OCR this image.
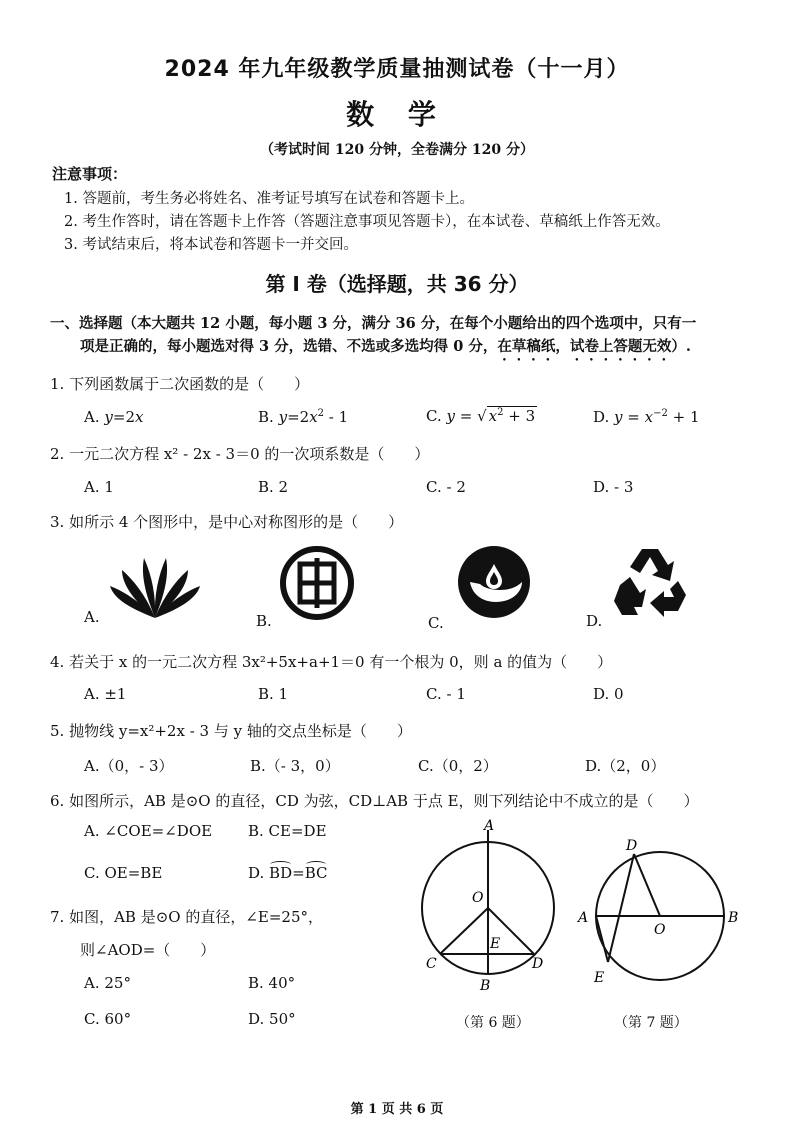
2024 年九年级教学质量抽测试卷（十一月）
数 学
（考试时间 120 分钟，全卷满分 120 分）
注意事项：
1. 答题前，考生务必将姓名、准考证号填写在试卷和答题卡上。
2. 考生作答时，请在答题卡上作答（答题注意事项见答题卡），在本试卷、草稿纸上作答无效。
3. 考试结束后，将本试卷和答题卡一并交回。
第 I 卷（选择题，共 36 分）
一、选择题（本大题共 12 小题，每小题 3 分，满分 36 分，在每个小题给出的四个选项中，只有一
项是正确的，每小题选对得 3 分，选错、不选或多选均得 0 分，在草稿纸，试卷上答题无效）.
1. 下列函数属于二次函数的是（　　）
A. y=2x	B. $y=2x^2 - 1$	C. y = √ $x^2 + 3$	D. $y = x^{-2} + 1$
2. 一元二次方程 x² - 2x - 3＝0 的一次项系数是（　　）
A. 1	B. 2	C. - 2	D. - 3
3. 如所示 4 个图形中，是中心对称图形的是（　　）
A.	B.	C.	D.
4. 若关于 x 的一元二次方程 3x²+5x+a+1＝0 有一个根为 0，则 a 的值为（　　）
A. ±1	B. 1	C. - 1	D. 0
5. 抛物线 y=x²+2x - 3 与 y 轴的交点坐标是（　　）
A.（0，- 3）	B.（- 3，0）	C.（0，2）	D.（2，0）
6. 如图所示，AB 是⊙O 的直径，CD 为弦，CD⊥AB 于点 E，则下列结论中不成立的是（　　）
A. ∠COE=∠DOE B. CE=DE
C. OE=BE	D. BD=BC
7. 如图，AB 是⊙O 的直径，∠E=25°，
则∠AOD=（　　）
A. 25°	B. 40°
C. 60°	D. 50°
A
O
E
C	D
B
（第 6 题）
D
A	B
O
E
（第 7 题）
第 1 页 共 6 页
